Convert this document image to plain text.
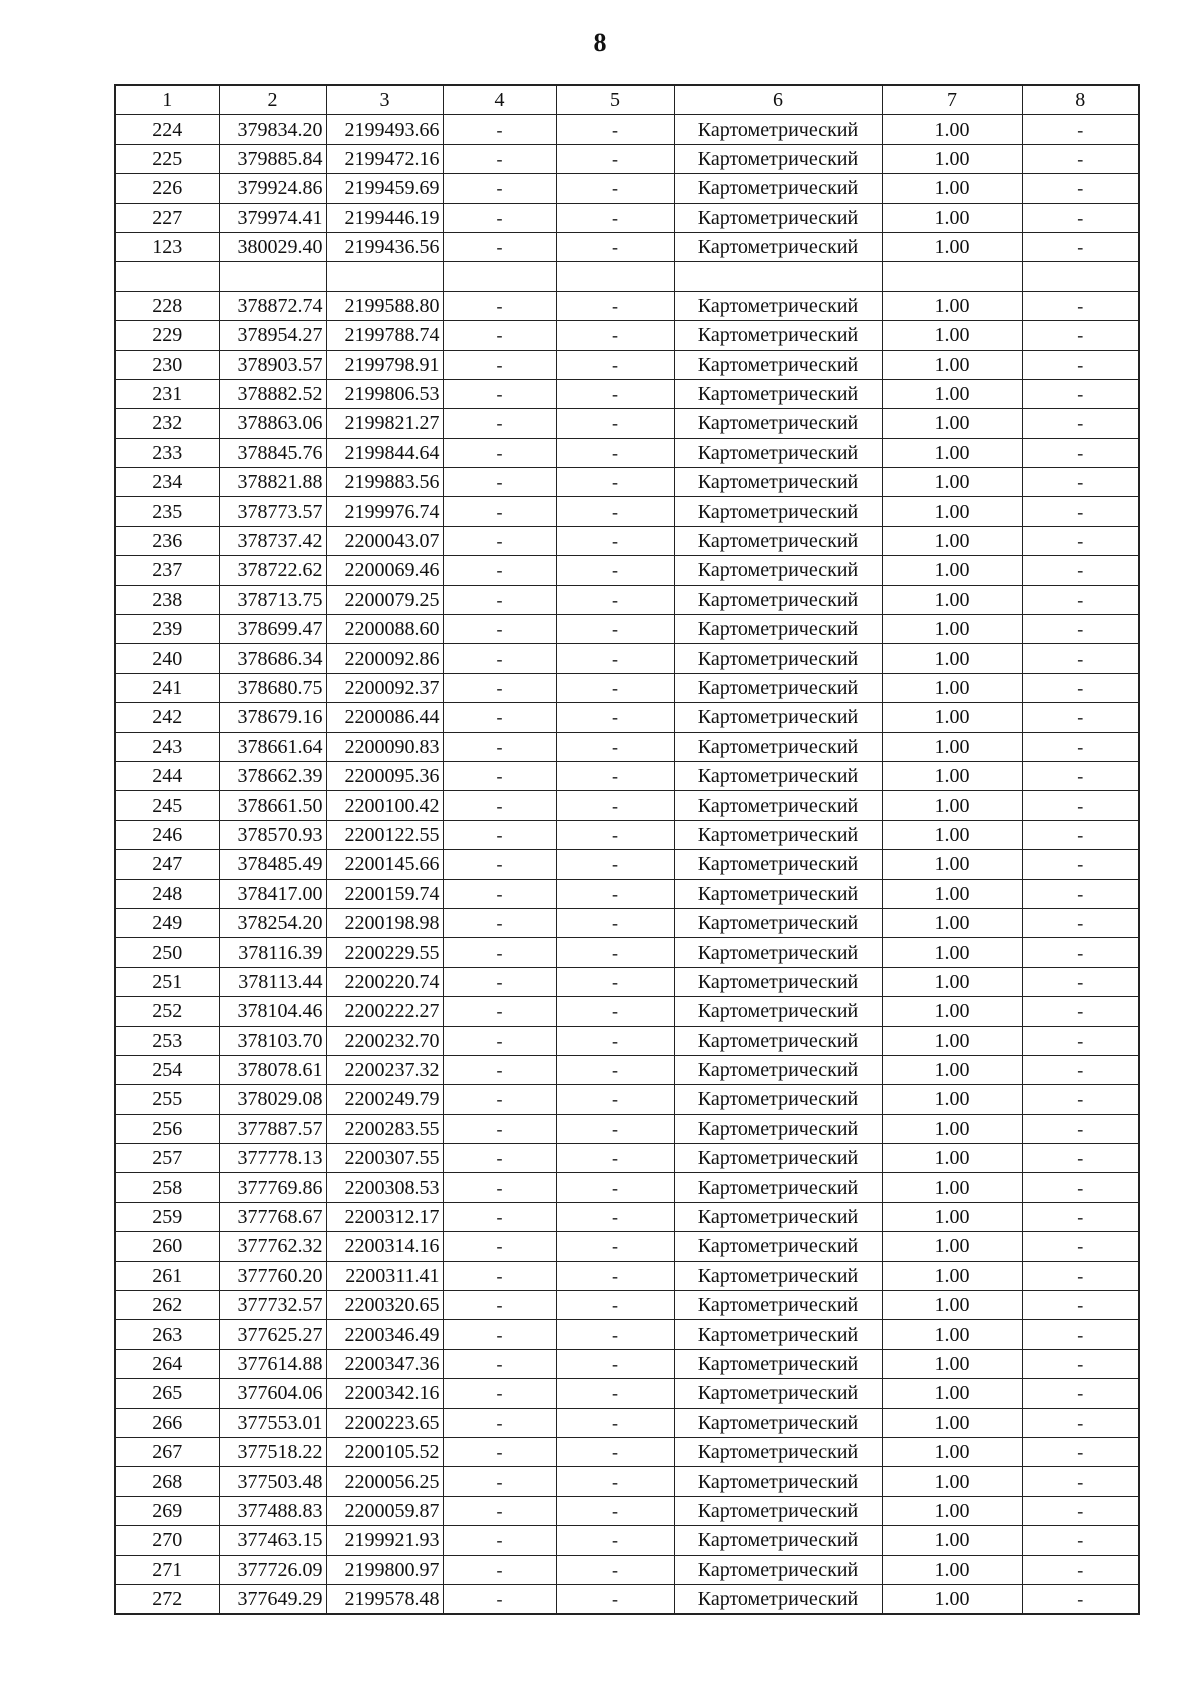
8
1	2	3	4	5	6	7	8
224	379834.20	2199493.66	-	-	Картометрический	1.00	-
225	379885.84	2199472.16	-	-	Картометрический	1.00	-
226	379924.86	2199459.69	-	-	Картометрический	1.00	-
227	379974.41	2199446.19	-	-	Картометрический	1.00	-
123	380029.40	2199436.56	-	-	Картометрический	1.00	-

228	378872.74	2199588.80	-	-	Картометрический	1.00	-
229	378954.27	2199788.74	-	-	Картометрический	1.00	-
230	378903.57	2199798.91	-	-	Картометрический	1.00	-
231	378882.52	2199806.53	-	-	Картометрический	1.00	-
232	378863.06	2199821.27	-	-	Картометрический	1.00	-
233	378845.76	2199844.64	-	-	Картометрический	1.00	-
234	378821.88	2199883.56	-	-	Картометрический	1.00	-
235	378773.57	2199976.74	-	-	Картометрический	1.00	-
236	378737.42	2200043.07	-	-	Картометрический	1.00	-
237	378722.62	2200069.46	-	-	Картометрический	1.00	-
238	378713.75	2200079.25	-	-	Картометрический	1.00	-
239	378699.47	2200088.60	-	-	Картометрический	1.00	-
240	378686.34	2200092.86	-	-	Картометрический	1.00	-
241	378680.75	2200092.37	-	-	Картометрический	1.00	-
242	378679.16	2200086.44	-	-	Картометрический	1.00	-
243	378661.64	2200090.83	-	-	Картометрический	1.00	-
244	378662.39	2200095.36	-	-	Картометрический	1.00	-
245	378661.50	2200100.42	-	-	Картометрический	1.00	-
246	378570.93	2200122.55	-	-	Картометрический	1.00	-
247	378485.49	2200145.66	-	-	Картометрический	1.00	-
248	378417.00	2200159.74	-	-	Картометрический	1.00	-
249	378254.20	2200198.98	-	-	Картометрический	1.00	-
250	378116.39	2200229.55	-	-	Картометрический	1.00	-
251	378113.44	2200220.74	-	-	Картометрический	1.00	-
252	378104.46	2200222.27	-	-	Картометрический	1.00	-
253	378103.70	2200232.70	-	-	Картометрический	1.00	-
254	378078.61	2200237.32	-	-	Картометрический	1.00	-
255	378029.08	2200249.79	-	-	Картометрический	1.00	-
256	377887.57	2200283.55	-	-	Картометрический	1.00	-
257	377778.13	2200307.55	-	-	Картометрический	1.00	-
258	377769.86	2200308.53	-	-	Картометрический	1.00	-
259	377768.67	2200312.17	-	-	Картометрический	1.00	-
260	377762.32	2200314.16	-	-	Картометрический	1.00	-
261	377760.20	2200311.41	-	-	Картометрический	1.00	-
262	377732.57	2200320.65	-	-	Картометрический	1.00	-
263	377625.27	2200346.49	-	-	Картометрический	1.00	-
264	377614.88	2200347.36	-	-	Картометрический	1.00	-
265	377604.06	2200342.16	-	-	Картометрический	1.00	-
266	377553.01	2200223.65	-	-	Картометрический	1.00	-
267	377518.22	2200105.52	-	-	Картометрический	1.00	-
268	377503.48	2200056.25	-	-	Картометрический	1.00	-
269	377488.83	2200059.87	-	-	Картометрический	1.00	-
270	377463.15	2199921.93	-	-	Картометрический	1.00	-
271	377726.09	2199800.97	-	-	Картометрический	1.00	-
272	377649.29	2199578.48	-	-	Картометрический	1.00	-
